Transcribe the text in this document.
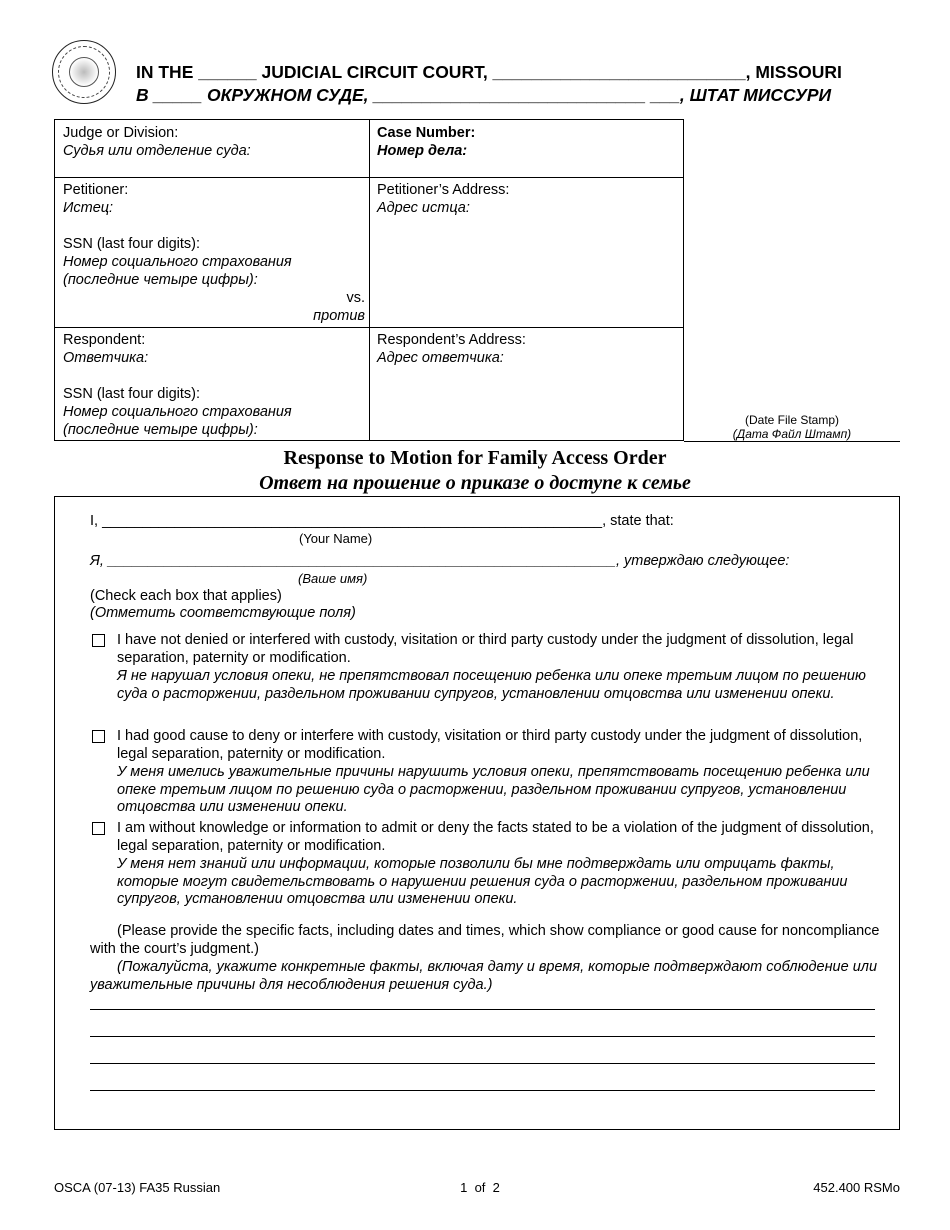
IN THE ______ JUDICIAL CIRCUIT COURT, __________________________, MISSOURI
В _____ ОКРУЖНОМ СУДЕ, ____________________________ ___, ШТАТ МИССУРИ
Judge or Division:
Судья или отделение суда:
Case Number:
Номер дела:
Petitioner:
Истец:
SSN (last four digits):
Номер социального страхования
(последние четыре цифры):
vs.
против
Petitioner’s Address:
Адрес истца:
Respondent:
Ответчика:
SSN (last four digits):
Номер социального страхования
(последние четыре цифры):
Respondent’s Address:
Адрес ответчика:
(Date File Stamp)
(Дата Файл Штамп)
Response to Motion for Family Access Order
Ответ на прошение о приказе о доступе к семье
I, ______________________________________________________________, state that:
(Your Name)
Я, _______________________________________________________________, утверждаю следующее:
(Ваше имя)
(Check each box that applies)
(Отметить соответствующие поля)
I have not denied or interfered with custody, visitation or third party custody under the judgment of dissolution, legal separation, paternity or modification.
Я не нарушал условия опеки, не препятствовал посещению ребенка или опеке третьим лицом по решению суда о расторжении, раздельном проживании супругов, установлении отцовства или изменении опеки.
I had good cause to deny or interfere with custody, visitation or third party custody under the judgment of dissolution, legal separation, paternity or modification.
У меня имелись уважительные причины нарушить условия опеки, препятствовать посещению ребенка или опеке третьим лицом по решению суда о расторжении, раздельном проживании супругов, установлении отцовства или изменении опеки.
I am without knowledge or information to admit or deny the facts stated to be a violation of the judgment of dissolution, legal separation, paternity or modification.
У меня нет знаний или информации, которые позволили бы мне подтверждать или отрицать факты, которые могут свидетельствовать о нарушении решения суда о расторжении, раздельном проживании супругов, установлении отцовства или изменении опеки.
(Please provide the specific facts, including dates and times, which show compliance or good cause for noncompliance with the court’s judgment.)
(Пожалуйста, укажите конкретные факты, включая дату и время, которые подтверждают соблюдение или уважительные причины для несоблюдения решения суда.)
OSCA (07-13) FA35 Russian	1  of  2	452.400 RSMo
